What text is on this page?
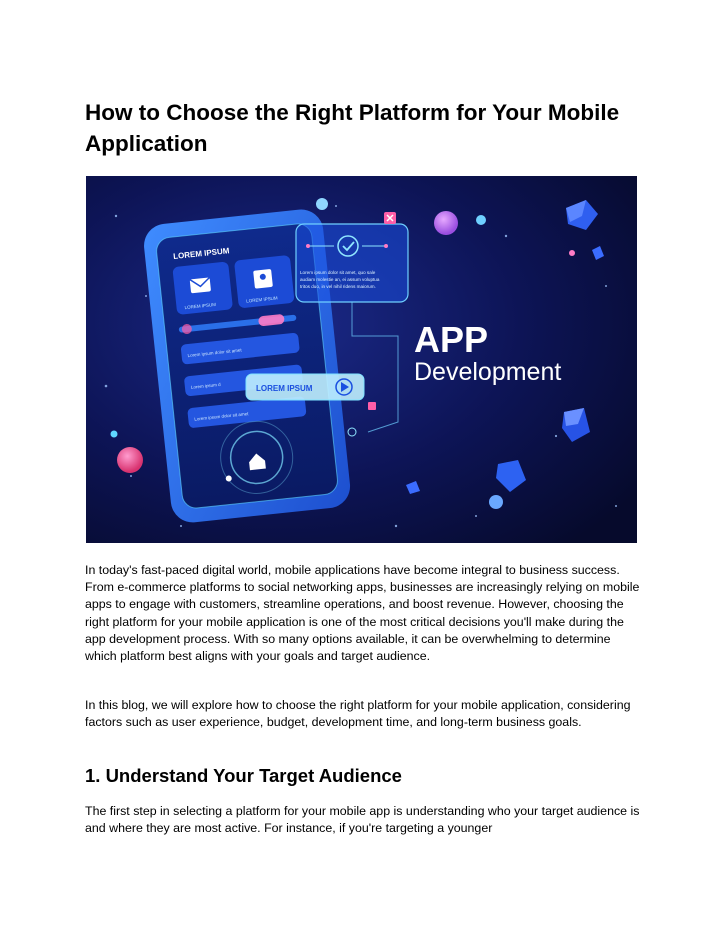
How to Choose the Right Platform for Your Mobile Application
LOREM IPSUM
LOREM IPSUM
LOREM IPSUM
Lorem ipsum dolor sit amet
Lorem ipsum d
Lorem ipsum dolor sit amet
Lorem ipsum dolor sit amet, quo sale
audiam molestie an, ei assum voluptua
tritos duo, in vel nihil ridens maiorum.
LOREM IPSUM
APP
Development

In today's fast-paced digital world, mobile applications have become integral to business success. From e-commerce platforms to social networking apps, businesses are increasingly relying on mobile apps to engage with customers, streamline operations, and boost revenue. However, choosing the right platform for your mobile application is one of the most critical decisions you'll make during the app development process. With so many options available, it can be overwhelming to determine which platform best aligns with your goals and target audience.

In this blog, we will explore how to choose the right platform for your mobile application, considering factors such as user experience, budget, development time, and long-term business goals.

1. Understand Your Target Audience

The first step in selecting a platform for your mobile app is understanding who your target audience is and where they are most active. For instance, if you're targeting a younger
